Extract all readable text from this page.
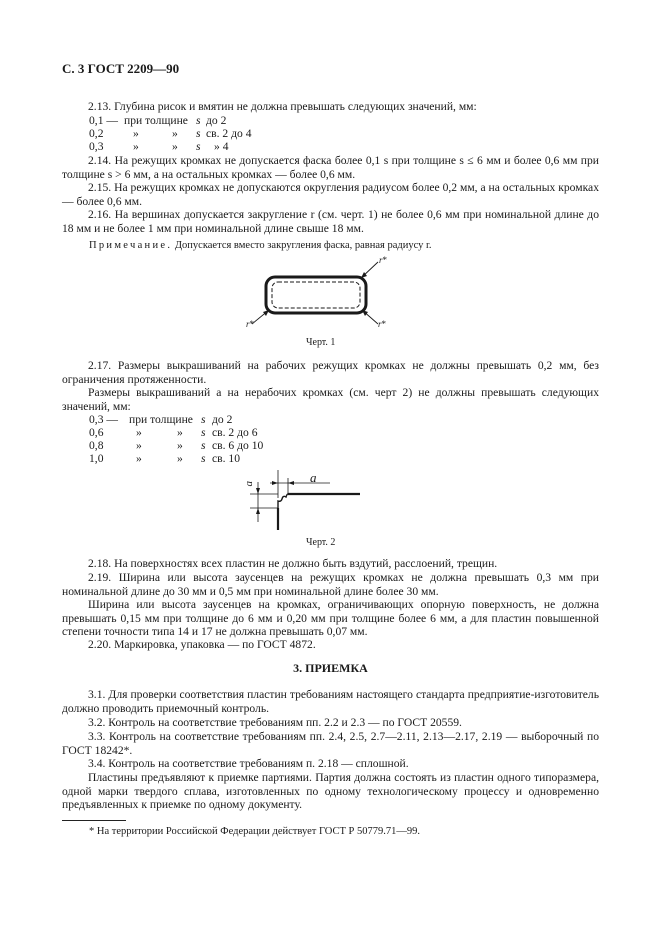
С. 3 ГОСТ 2209—90

2.13. Глубина рисок и вмятин не должна превышать следующих значений, мм:

0,1 — при толщине s до 2
0,2	»	» s св. 2 до 4
0,3	»	» s » 4

2.14. На режущих кромках не допускается фаска более 0,1 s при толщине s ≤ 6 мм и более 0,6 мм при толщине s > 6 мм, а на остальных кромках — более 0,6 мм.

2.15. На режущих кромках не допускаются округления радиусом более 0,2 мм, а на остальных кромках — более 0,6 мм.

2.16. На вершинах допускается закругление r (см. черт. 1) не более 0,6 мм при номинальной длине до 18 мм и не более 1 мм при номинальной длине свыше 18 мм.

Примечание. Допускается вместо закругления фаска, равная радиусу r.
r*
r*	r*
Черт. 1

2.17. Размеры выкрашиваний на рабочих режущих кромках не должны превышать 0,2 мм, без ограничения протяженности.

Размеры выкрашиваний a на нерабочих кромках (см. черт 2) не должны превышать следующих значений, мм:

0,3 — при толщине s до 2
0,6	»	» s св. 2 до 6
0,8	»	» s св. 6 до 10
1,0	»	» s св. 10
a
a
Черт. 2

2.18. На поверхностях всех пластин не должно быть вздутий, расслоений, трещин.

2.19. Ширина или высота заусенцев на режущих кромках не должна превышать 0,3 мм при номинальной длине до 30 мм и 0,5 мм при номинальной длине более 30 мм.

Ширина или высота заусенцев на кромках, ограничивающих опорную поверхность, не должна превышать 0,15 мм при толщине до 6 мм и 0,20 мм при толщине более 6 мм, а для пластин повышенной степени точности типа 14 и 17 не должна превышать 0,07 мм.

2.20. Маркировка, упаковка — по ГОСТ 4872.

3. ПРИЕМКА

3.1. Для проверки соответствия пластин требованиям настоящего стандарта предприятие-изготовитель должно проводить приемочный контроль.

3.2. Контроль на соответствие требованиям пп. 2.2 и 2.3 — по ГОСТ 20559.

3.3. Контроль на соответствие требованиям пп. 2.4, 2.5, 2.7—2.11, 2.13—2.17, 2.19 — выборочный по ГОСТ 18242*.

3.4. Контроль на соответствие требованиям п. 2.18 — сплошной.

Пластины предъявляют к приемке партиями. Партия должна состоять из пластин одного типоразмера, одной марки твердого сплава, изготовленных по одному технологическому процессу и одновременно предъявленных к приемке по одному документу.

* На территории Российской Федерации действует ГОСТ Р 50779.71—99.
